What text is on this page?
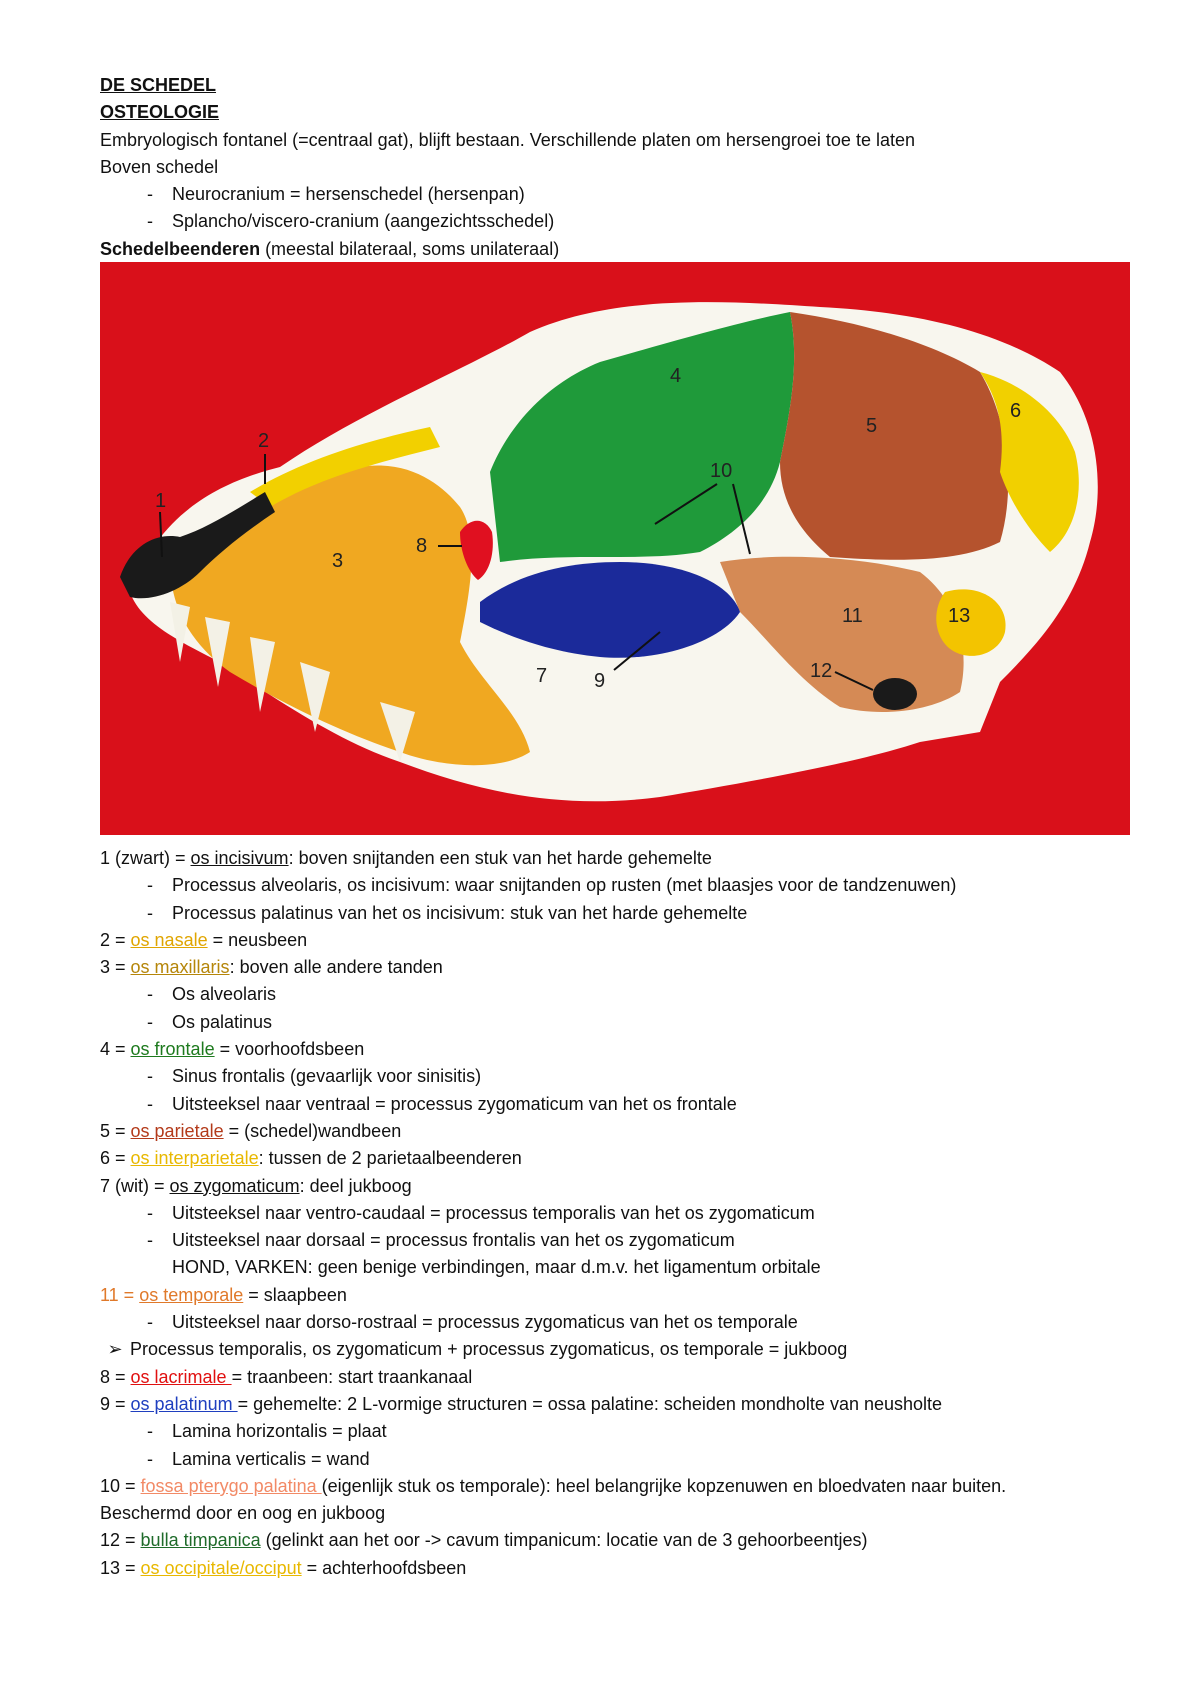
DE SCHEDEL
OSTEOLOGIE
Embryologisch fontanel (=centraal gat), blijft bestaan. Verschillende platen om hersengroei toe te laten
Boven schedel
- Neurocranium = hersenschedel (hersenpan)
- Splancho/viscero-cranium (aangezichtsschedel)
Schedelbeenderen (meestal bilateraal, soms unilateraal)
1
2
3
4
5
6
7
8
9
10
11
12
13
1 (zwart) = os incisivum: boven snijtanden een stuk van het harde gehemelte
- Processus alveolaris, os incisivum: waar snijtanden op rusten (met blaasjes voor de tandzenuwen)
- Processus palatinus van het os incisivum: stuk van het harde gehemelte
2 = os nasale = neusbeen
3 = os maxillaris: boven alle andere tanden
- Os alveolaris
- Os palatinus
4 = os frontale = voorhoofdsbeen
- Sinus frontalis (gevaarlijk voor sinisitis)
- Uitsteeksel naar ventraal = processus zygomaticum van het os frontale
5 = os parietale = (schedel)wandbeen
6 = os interparietale: tussen de 2 parietaalbeenderen
7 (wit) = os zygomaticum: deel jukboog
- Uitsteeksel naar ventro-caudaal = processus temporalis van het os zygomaticum
- Uitsteeksel naar dorsaal = processus frontalis van het os zygomaticum
HOND, VARKEN: geen benige verbindingen, maar d.m.v. het ligamentum orbitale
11 = os temporale = slaapbeen
- Uitsteeksel naar dorso-rostraal = processus zygomaticus van het os temporale
➢ Processus temporalis, os zygomaticum + processus zygomaticus, os temporale = jukboog
8 = os lacrimale = traanbeen: start traankanaal
9 = os palatinum = gehemelte: 2 L-vormige structuren = ossa palatine: scheiden mondholte van neusholte
- Lamina horizontalis = plaat
- Lamina verticalis = wand
10 = fossa pterygo palatina (eigenlijk stuk os temporale): heel belangrijke kopzenuwen en bloedvaten naar buiten.
Beschermd door en oog en jukboog
12 = bulla timpanica (gelinkt aan het oor -> cavum timpanicum: locatie van de 3 gehoorbeentjes)
13 = os occipitale/occiput = achterhoofdsbeen
